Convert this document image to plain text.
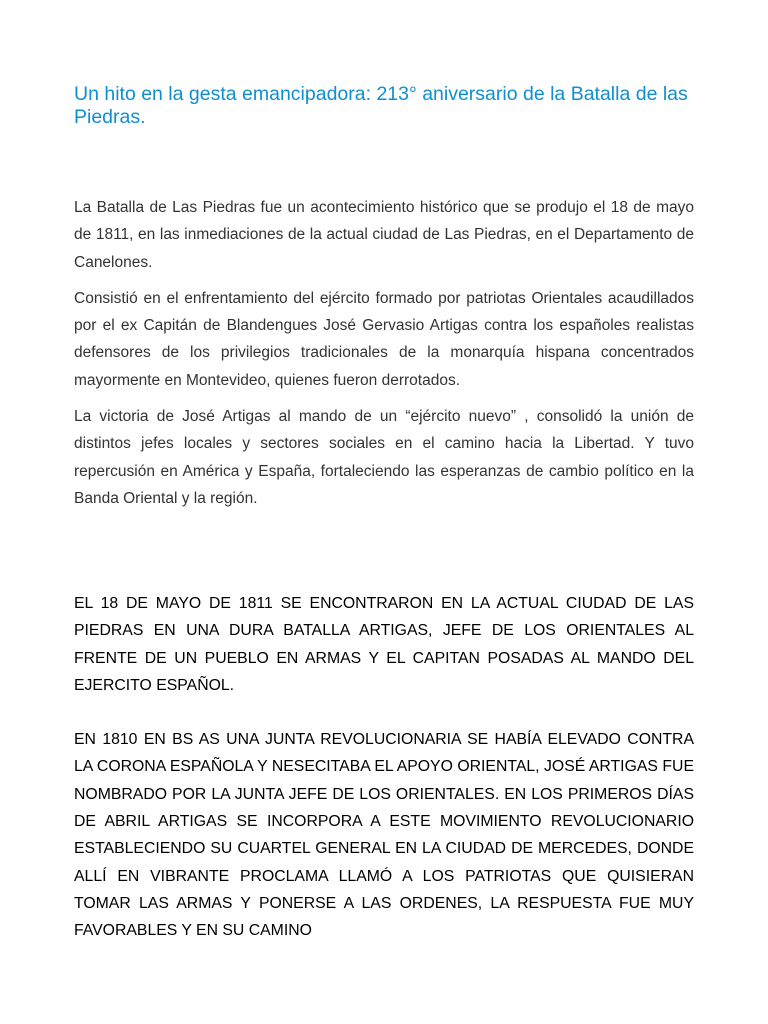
Un hito en la gesta emancipadora: 213° aniversario de la Batalla de las Piedras.

La Batalla de Las Piedras fue un acontecimiento histórico que se produjo el 18 de mayo de 1811, en las inmediaciones de la actual ciudad de Las Piedras, en el Departamento de Canelones.

Consistió en el enfrentamiento del ejército formado por patriotas Orientales acaudillados por el ex Capitán de Blandengues José Gervasio Artigas contra los españoles realistas defensores de los privilegios tradicionales de la monarquía hispana concentrados mayormente en Montevideo, quienes fueron derrotados.

La victoria de José Artigas al mando de un “ejército nuevo” , consolidó la unión de distintos jefes locales y sectores sociales en el camino hacia la Libertad. Y tuvo repercusión en América y España, fortaleciendo las esperanzas de cambio político en la Banda Oriental y la región.

EL 18 DE MAYO DE 1811 SE ENCONTRARON EN LA ACTUAL CIUDAD DE LAS PIEDRAS EN UNA DURA BATALLA ARTIGAS, JEFE DE LOS ORIENTALES AL FRENTE DE UN PUEBLO EN ARMAS Y EL CAPITAN POSADAS AL MANDO DEL EJERCITO ESPAÑOL.

EN 1810 EN BS AS UNA JUNTA REVOLUCIONARIA SE HABÍA ELEVADO CONTRA LA CORONA ESPAÑOLA Y NESECITABA EL APOYO ORIENTAL, JOSÉ ARTIGAS FUE NOMBRADO POR LA JUNTA JEFE DE LOS ORIENTALES. EN LOS PRIMEROS DÍAS DE ABRIL ARTIGAS SE INCORPORA A ESTE MOVIMIENTO REVOLUCIONARIO ESTABLECIENDO SU CUARTEL GENERAL EN LA CIUDAD DE MERCEDES, DONDE ALLÍ EN VIBRANTE PROCLAMA LLAMÓ A LOS PATRIOTAS QUE QUISIERAN TOMAR LAS ARMAS Y PONERSE A LAS ORDENES, LA RESPUESTA FUE MUY FAVORABLES Y EN SU CAMINO
